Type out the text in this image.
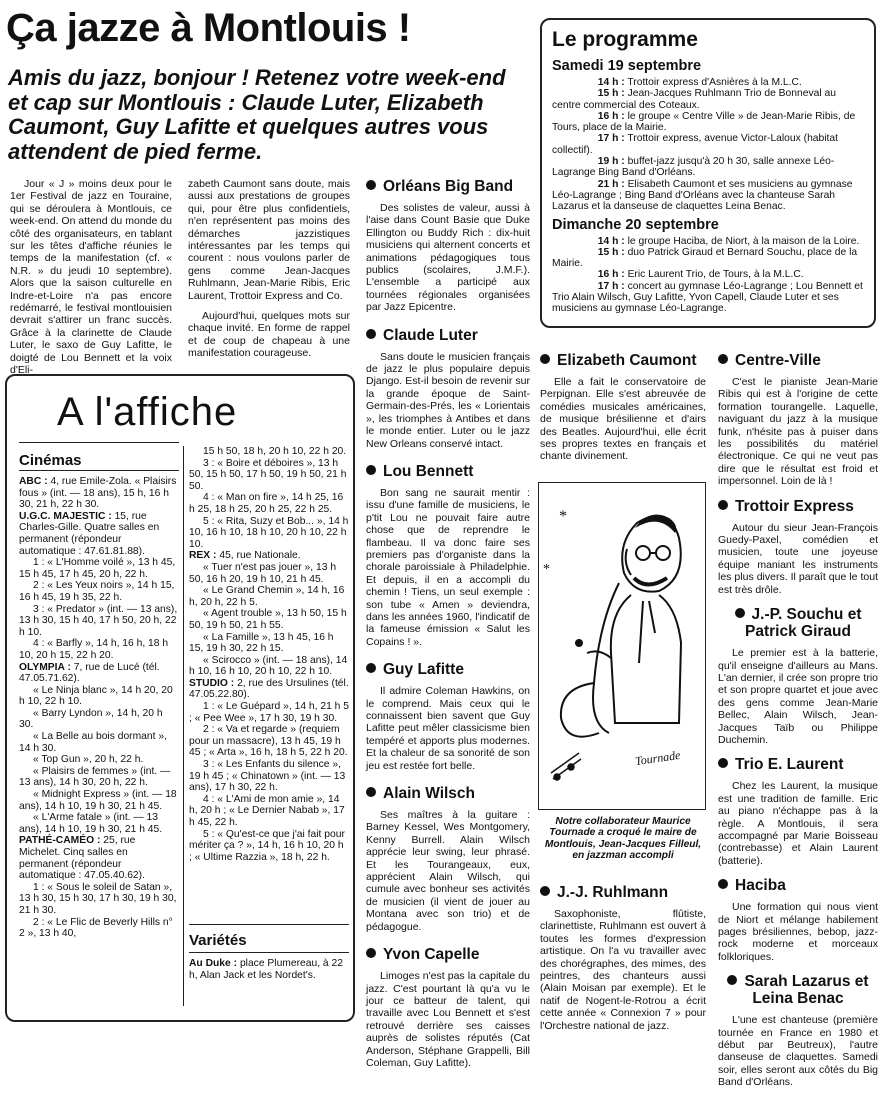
Ça jazze à Montlouis !
Amis du jazz, bonjour ! Retenez votre week-end et cap sur Montlouis : Claude Luter, Elizabeth Caumont, Guy Lafitte et quelques autres vous attendent de pied ferme.

Jour « J » moins deux pour le 1er Festival de jazz en Touraine, qui se déroulera à Montlouis, ce week-end. On attend du monde du côté des organisateurs, en tablant sur les têtes d'affiche réunies le temps de la manifestation (cf. « N.R. » du jeudi 10 septembre). Alors que la saison culturelle en Indre-et-Loire n'a pas encore redémarré, le festival montlouisien devrait s'attirer un franc succès. Grâce à la clarinette de Claude Luter, le saxo de Guy Lafitte, le doigté de Lou Bennett et la voix d'Eli-

zabeth Caumont sans doute, mais aussi aux prestations de groupes qui, pour être plus confidentiels, n'en représentent pas moins des démarches jazzistiques intéressantes par les temps qui courent : nous voulons parler de gens comme Jean-Jacques Ruhlmann, Jean-Marie Ribis, Eric Laurent, Trottoir Express and Co.

Aujourd'hui, quelques mots sur chaque invité. En forme de rappel et de coup de chapeau à une manifestation courageuse.

Le programme
Samedi 19 septembre

14 h : Trottoir express d'Asnières à la M.L.C.

15 h : Jean-Jacques Ruhlmann Trio de Bonneval au centre commercial des Coteaux.

16 h : le groupe « Centre Ville » de Jean-Marie Ribis, de Tours, place de la Mairie.

17 h : Trottoir express, avenue Victor-Laloux (habitat collectif).

19 h : buffet-jazz jusqu'à 20 h 30, salle annexe Léo-Lagrange Bing Band d'Orléans.

21 h : Elisabeth Caumont et ses musiciens au gymnase Léo-Lagrange ; Bing Band d'Orléans avec la chanteuse Sarah Lazarus et la danseuse de claquettes Leina Benac.

Dimanche 20 septembre

14 h : le groupe Haciba, de Niort, à la maison de la Loire.

15 h : duo Patrick Giraud et Bernard Souchu, place de la Mairie.

16 h : Eric Laurent Trio, de Tours, à la M.L.C.

17 h : concert au gymnase Léo-Lagrange ; Lou Bennett et Trio Alain Wilsch, Guy Lafitte, Yvon Capell, Claude Luter et ses musiciens au gymnase Léo-Lagrange.

Orléans Big Band

Des solistes de valeur, aussi à l'aise dans Count Basie que Duke Ellington ou Buddy Rich : dix-huit musiciens qui alternent concerts et animations pédagogiques tous publics (scolaires, J.M.F.). L'ensemble a participé aux tournées régionales organisées par Jazz Epicentre.

Claude Luter

Sans doute le musicien français de jazz le plus populaire depuis Django. Est-il besoin de revenir sur la grande époque de Saint-Germain-des-Prés, les « Lorientais », les triomphes à Antibes et dans le monde entier. Luter ou le jazz New Orleans conservé intact.

Lou Bennett

Bon sang ne saurait mentir : issu d'une famille de musiciens, le p'tit Lou ne pouvait faire autre chose que de reprendre le flambeau. Il va donc faire ses premiers pas d'organiste dans la chorale paroissiale à Philadelphie. Et depuis, il en a accompli du chemin ! Tiens, un seul exemple : son tube « Amen » deviendra, dans les années 1960, l'indicatif de la fameuse émission « Salut les Copains ! ».

Guy Lafitte

Il admire Coleman Hawkins, on le comprend. Mais ceux qui le connaissent bien savent que Guy Lafitte peut mêler classicisme bien tempéré et apports plus modernes. Et la chaleur de sa sonorité de son jeu est restée fort belle.

Alain Wilsch

Ses maîtres à la guitare : Barney Kessel, Wes Montgomery, Kenny Burrell. Alain Wilsch apprécie leur swing, leur phrasé. Et les Tourangeaux, eux, apprécient Alain Wilsch, qui cumule avec bonheur ses activités de musicien (il vient de jouer au Montana avec son trio) et de pédagogue.

Yvon Capelle

Limoges n'est pas la capitale du jazz. C'est pourtant là qu'a vu le jour ce batteur de talent, qui travaille avec Lou Bennett et s'est retrouvé derrière ses caisses auprès de solistes réputés (Cat Anderson, Stéphane Grappelli, Bill Coleman, Guy Lafitte).

Elizabeth Caumont

Elle a fait le conservatoire de Perpignan. Elle s'est abreuvée de comédies musicales américaines, de musique brésilienne et d'airs des Beatles. Aujourd'hui, elle écrit ses propres textes en français et chante divinement.

*
*
Tournade
Notre collaborateur Maurice Tournade a croqué le maire de Montlouis, Jean-Jacques Filleul, en jazzman accompli
J.-J. Ruhlmann

Saxophoniste, flûtiste, clarinettiste, Ruhlmann est ouvert à toutes les formes d'expression artistique. On l'a vu travailler avec des chorégraphes, des mimes, des peintres, des chanteurs aussi (Alain Moisan par exemple). Et le natif de Nogent-le-Rotrou a écrit cette année « Connexion 7 » pour l'Orchestre national de jazz.

Centre-Ville

C'est le pianiste Jean-Marie Ribis qui est à l'origine de cette formation tourangelle. Laquelle, naviguant du jazz à la musique funk, n'hésite pas à puiser dans les possibilités du matériel électronique. Ce qui ne veut pas dire que le résultat est froid et impersonnel. Loin de là !

Trottoir Express

Autour du sieur Jean-François Guedy-Paxel, comédien et musicien, toute une joyeuse équipe maniant les instruments les plus divers. Il paraît que le tout est très drôle.

J.-P. Souchu et Patrick Giraud

Le premier est à la batterie, qu'il enseigne d'ailleurs au Mans. L'an dernier, il crée son propre trio et son propre quartet et joue avec des gens comme Jean-Marie Bellec, Alain Wilsch, Jean-Jacques Taïb ou Philippe Duchemin.

Trio E. Laurent

Chez les Laurent, la musique est une tradition de famille. Eric au piano n'échappe pas à la règle. A Montlouis, il sera accompagné par Marie Boisseau (contrebasse) et Alain Laurent (batterie).

Haciba

Une formation qui nous vient de Niort et mélange habilement pages brésiliennes, bebop, jazz-rock moderne et morceaux folkloriques.

Sarah Lazarus et Leina Benac

L'une est chanteuse (première tournée en France en 1980 et début par Beutreux), l'autre danseuse de claquettes. Samedi soir, elles seront aux côtés du Big Band d'Orléans.

A l'affiche
Cinémas

ABC : 4, rue Emile-Zola. « Plaisirs fous » (int. — 18 ans), 15 h, 16 h 30, 21 h, 22 h 30.

U.G.C. MAJESTIC : 15, rue Charles-Gille. Quatre salles en permanent (répondeur automatique : 47.61.81.88).

1 : « L'Homme voilé », 13 h 45, 15 h 45, 17 h 45, 20 h, 22 h.

2 : « Les Yeux noirs », 14 h 15, 16 h 45, 19 h 35, 22 h.

3 : « Predator » (int. — 13 ans), 13 h 30, 15 h 40, 17 h 50, 20 h, 22 h 10.

4 : « Barfly », 14 h, 16 h, 18 h 10, 20 h 15, 22 h 20.

OLYMPIA : 7, rue de Lucé (tél. 47.05.71.62).

« Le Ninja blanc », 14 h 20, 20 h 10, 22 h 10.

« Barry Lyndon », 14 h, 20 h 30.

« La Belle au bois dormant », 14 h 30.

« Top Gun », 20 h, 22 h.

« Plaisirs de femmes » (int. — 13 ans), 14 h 30, 20 h, 22 h.

« Midnight Express » (int. — 18 ans), 14 h 10, 19 h 30, 21 h 45.

« L'Arme fatale » (int. — 13 ans), 14 h 10, 19 h 30, 21 h 45.

PATHÉ-CAMÉO : 25, rue Michelet. Cinq salles en permanent (répondeur automatique : 47.05.40.62).

1 : « Sous le soleil de Satan », 13 h 30, 15 h 30, 17 h 30, 19 h 30, 21 h 30.

2 : « Le Flic de Beverly Hills n° 2 », 13 h 40,

15 h 50, 18 h, 20 h 10, 22 h 20.

3 : « Boire et déboires », 13 h 50, 15 h 50, 17 h 50, 19 h 50, 21 h 50.

4 : « Man on fire », 14 h 25, 16 h 25, 18 h 25, 20 h 25, 22 h 25.

5 : « Rita, Suzy et Bob... », 14 h 10, 16 h 10, 18 h 10, 20 h 10, 22 h 10.

REX : 45, rue Nationale.

« Tuer n'est pas jouer », 13 h 50, 16 h 20, 19 h 10, 21 h 45.

« Le Grand Chemin », 14 h, 16 h, 20 h, 22 h 5.

« Agent trouble », 13 h 50, 15 h 50, 19 h 50, 21 h 55.

« La Famille », 13 h 45, 16 h 15, 19 h 30, 22 h 15.

« Scirocco » (int. — 18 ans), 14 h 10, 16 h 10, 20 h 10, 22 h 10.

STUDIO : 2, rue des Ursulines (tél. 47.05.22.80).

1 : « Le Guépard », 14 h, 21 h 5 ; « Pee Wee », 17 h 30, 19 h 30.

2 : « Va et regarde » (requiem pour un massacre), 13 h 45, 19 h 45 ; « Arta », 16 h, 18 h 5, 22 h 20.

3 : « Les Enfants du silence », 19 h 45 ; « Chinatown » (int. — 13 ans), 17 h 30, 22 h.

4 : « L'Ami de mon amie », 14 h, 20 h ; « Le Dernier Nabab », 17 h 45, 22 h.

5 : « Qu'est-ce que j'ai fait pour mériter ça ? », 14 h, 16 h 10, 20 h ; « Ultime Razzia », 18 h, 22 h.

Variétés

Au Duke : place Plumereau, à 22 h, Alan Jack et les Nordet's.
